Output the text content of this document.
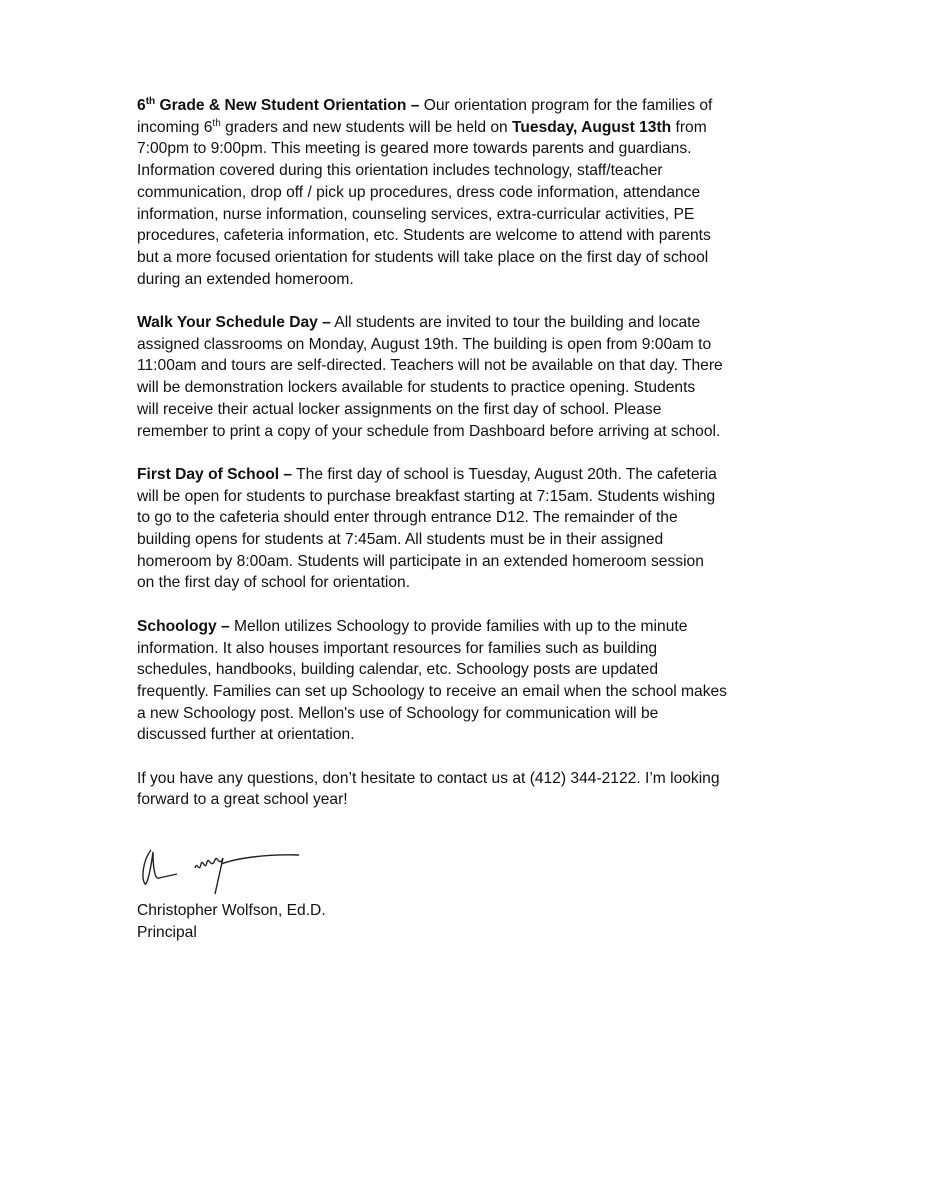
6th Grade & New Student Orientation – Our orientation program for the families of
incoming 6th graders and new students will be held on Tuesday, August 13th from
7:00pm to 9:00pm. This meeting is geared more towards parents and guardians.
Information covered during this orientation includes technology, staff/teacher
communication, drop off / pick up procedures, dress code information, attendance
information, nurse information, counseling services, extra-curricular activities, PE
procedures, cafeteria information, etc. Students are welcome to attend with parents
but a more focused orientation for students will take place on the first day of school
during an extended homeroom.
Walk Your Schedule Day – All students are invited to tour the building and locate
assigned classrooms on Monday, August 19th. The building is open from 9:00am to
11:00am and tours are self-directed. Teachers will not be available on that day. There
will be demonstration lockers available for students to practice opening. Students
will receive their actual locker assignments on the first day of school. Please
remember to print a copy of your schedule from Dashboard before arriving at school.
First Day of School – The first day of school is Tuesday, August 20th. The cafeteria
will be open for students to purchase breakfast starting at 7:15am. Students wishing
to go to the cafeteria should enter through entrance D12. The remainder of the
building opens for students at 7:45am. All students must be in their assigned
homeroom by 8:00am. Students will participate in an extended homeroom session
on the first day of school for orientation.
Schoology – Mellon utilizes Schoology to provide families with up to the minute
information. It also houses important resources for families such as building
schedules, handbooks, building calendar, etc. Schoology posts are updated
frequently. Families can set up Schoology to receive an email when the school makes
a new Schoology post. Mellon's use of Schoology for communication will be
discussed further at orientation.
If you have any questions, don’t hesitate to contact us at (412) 344-2122. I’m looking
forward to a great school year!
Christopher Wolfson, Ed.D.
Principal
